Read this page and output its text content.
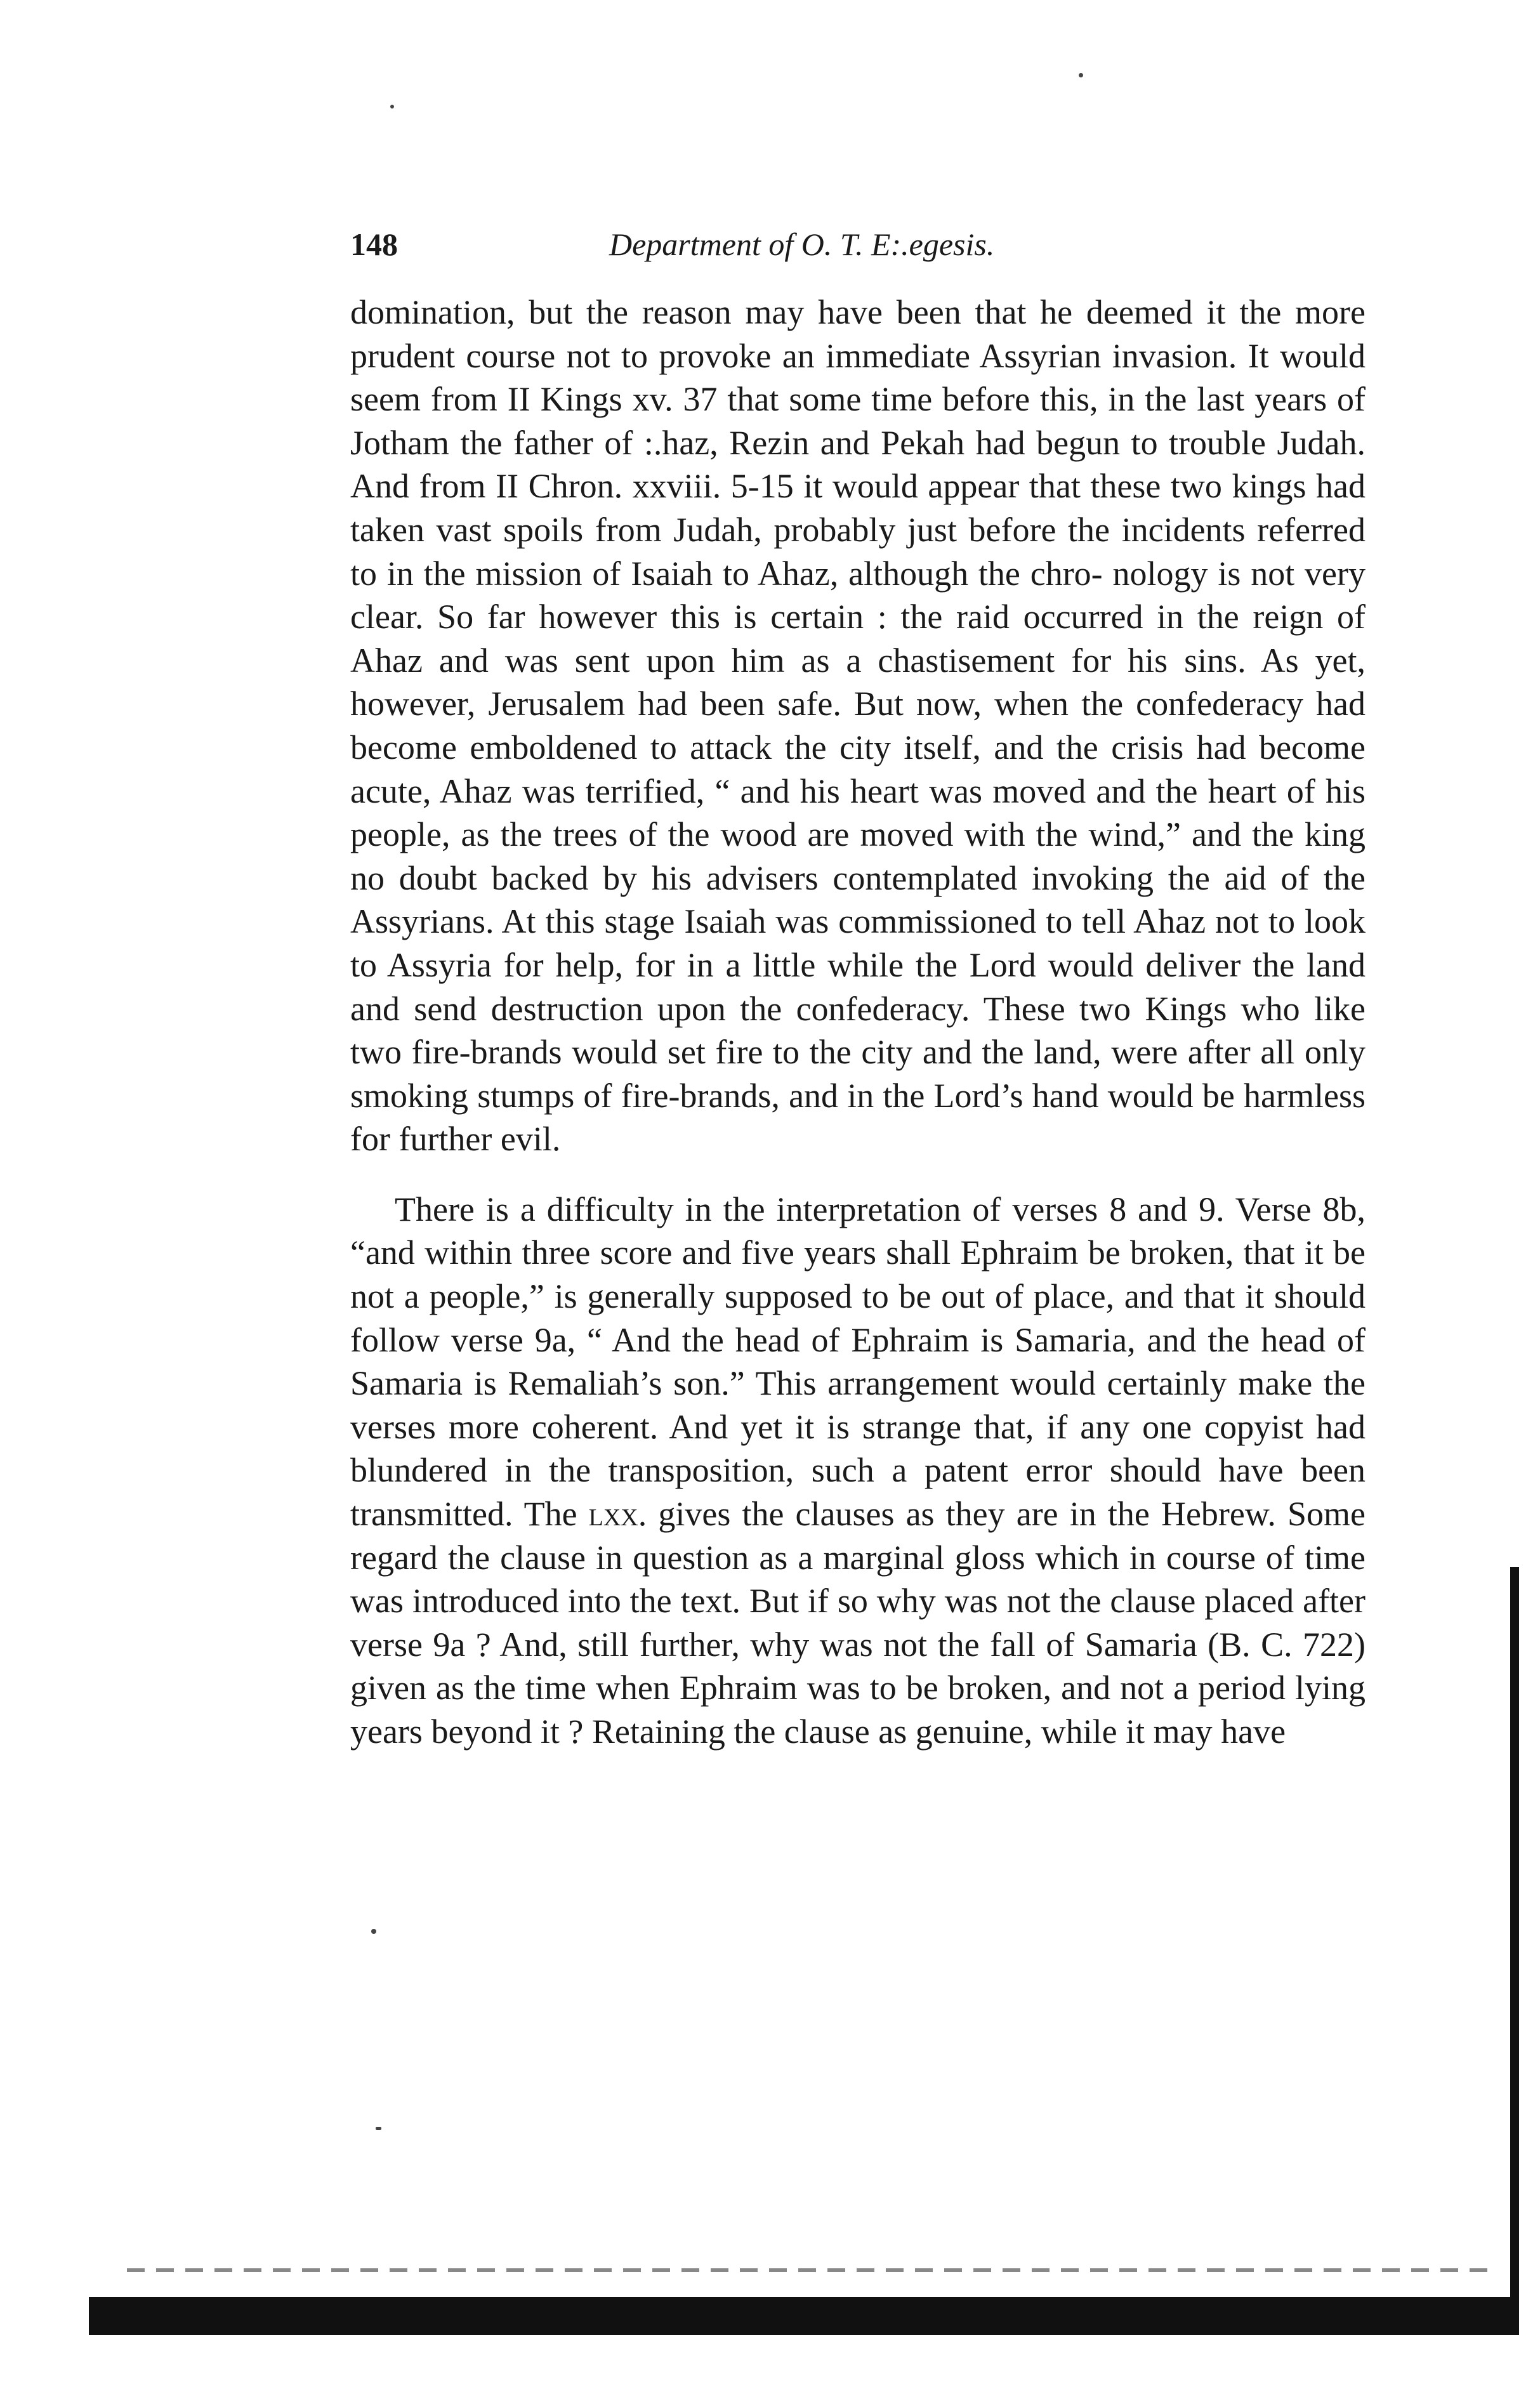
148	Department of O. T. E:.egesis.

domination, but the reason may have been that he deemed it the more prudent course not to provoke an immediate Assyrian invasion. It would seem from II Kings xv. 37 that some time before this, in the last years of Jotham the father of :.haz, Rezin and Pekah had begun to trouble Judah. And from II Chron. xxviii. 5-15 it would appear that these two kings had taken vast spoils from Judah, probably just before the incidents referred to in the mission of Isaiah to Ahaz, although the chro- nology is not very clear. So far however this is certain : the raid occurred in the reign of Ahaz and was sent upon him as a chastisement for his sins. As yet, however, Jerusalem had been safe. But now, when the confederacy had become emboldened to attack the city itself, and the crisis had become acute, Ahaz was terrified, “ and his heart was moved and the heart of his people, as the trees of the wood are moved with the wind,” and the king no doubt backed by his advisers contemplated invoking the aid of the Assyrians. At this stage Isaiah was commissioned to tell Ahaz not to look to Assyria for help, for in a little while the Lord would deliver the land and send destruction upon the confederacy. These two Kings who like two fire-brands would set fire to the city and the land, were after all only smoking stumps of fire-brands, and in the Lord’s hand would be harmless for further evil.

There is a difficulty in the interpretation of verses 8 and 9. Verse 8b, “and within three score and five years shall Ephraim be broken, that it be not a people,” is generally supposed to be out of place, and that it should follow verse 9a, “ And the head of Ephraim is Samaria, and the head of Samaria is Remaliah’s son.” This arrangement would certainly make the verses more coherent. And yet it is strange that, if any one copyist had blundered in the transposition, such a patent error should have been transmitted. The lxx. gives the clauses as they are in the Hebrew. Some regard the clause in question as a marginal gloss which in course of time was introduced into the text. But if so why was not the clause placed after verse 9a ? And, still further, why was not the fall of Samaria (B. C. 722) given as the time when Ephraim was to be broken, and not a period lying years beyond it ? Retaining the clause as genuine, while it may have
